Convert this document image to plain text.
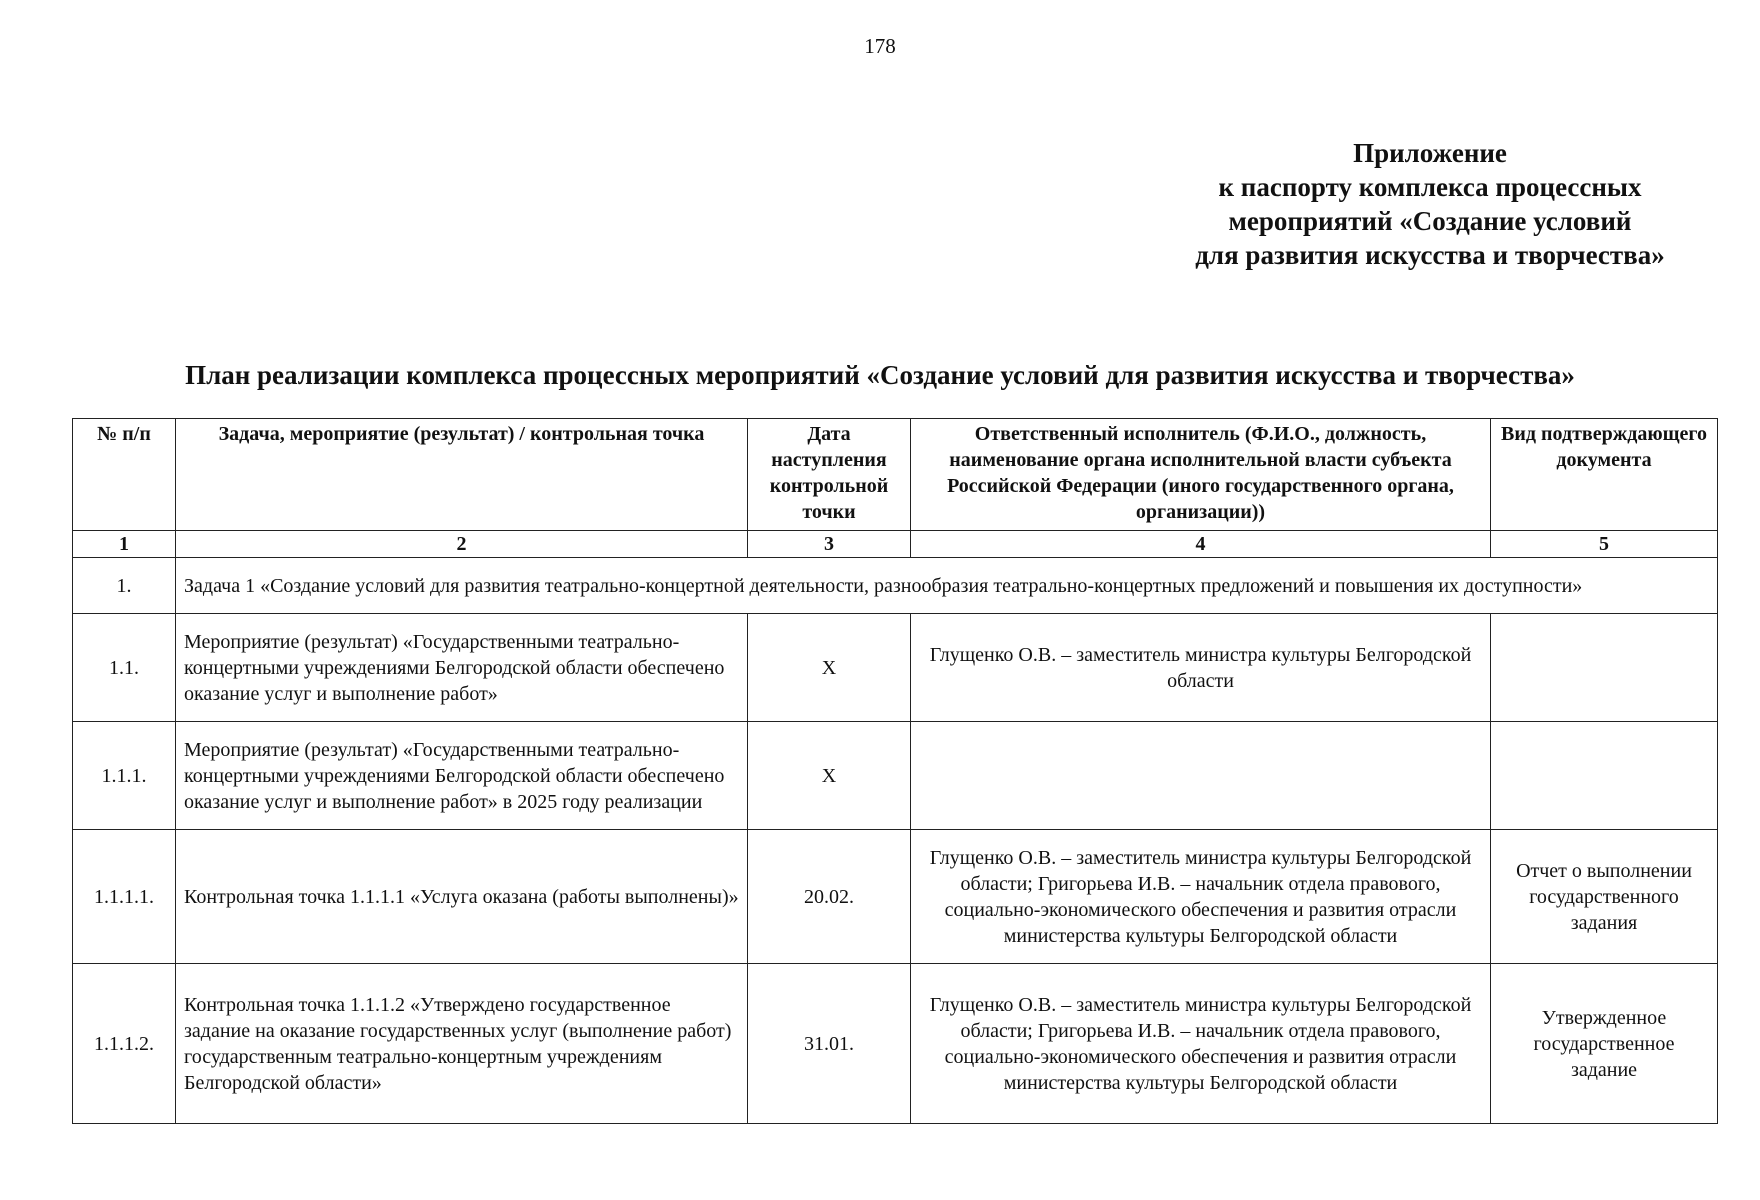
178
Приложение
к паспорту комплекса процессных
мероприятий «Создание условий
для развития искусства и творчества»
План реализации комплекса процессных мероприятий «Создание условий для развития искусства и творчества»
№ п/п	Задача, мероприятие (результат) / контрольная точка	Дата наступления контрольной точки	Ответственный исполнитель (Ф.И.О., должность, наименование органа исполнительной власти субъекта Российской Федерации (иного государственного органа, организации))	Вид подтверждающего документа
1	2	3	4	5
1.	Задача 1 «Создание условий для развития театрально-концертной деятельности, разнообразия театрально-концертных предложений и повышения их доступности»			
1.1.	Мероприятие (результат) «Государственными театрально-концертными учреждениями Белгородской области обеспечено оказание услуг и выполнение работ»	X	Глущенко О.В. – заместитель министра культуры Белгородской области	
1.1.1.	Мероприятие (результат) «Государственными театрально-концертными учреждениями Белгородской области обеспечено оказание услуг и выполнение работ» в 2025 году реализации	X		
1.1.1.1.	Контрольная точка 1.1.1.1 «Услуга оказана (работы выполнены)»	20.02.	Глущенко О.В. – заместитель министра культуры Белгородской области; Григорьева И.В. – начальник отдела правового, социально-экономического обеспечения и развития отрасли министерства культуры Белгородской области	Отчет о выполнении государственного задания
1.1.1.2.	Контрольная точка 1.1.1.2 «Утверждено государственное задание на оказание государственных услуг (выполнение работ) государственным театрально-концертным учреждениям Белгородской области»	31.01.	Глущенко О.В. – заместитель министра культуры Белгородской области; Григорьева И.В. – начальник отдела правового, социально-экономического обеспечения и развития отрасли министерства культуры Белгородской области	Утвержденное государственное задание
